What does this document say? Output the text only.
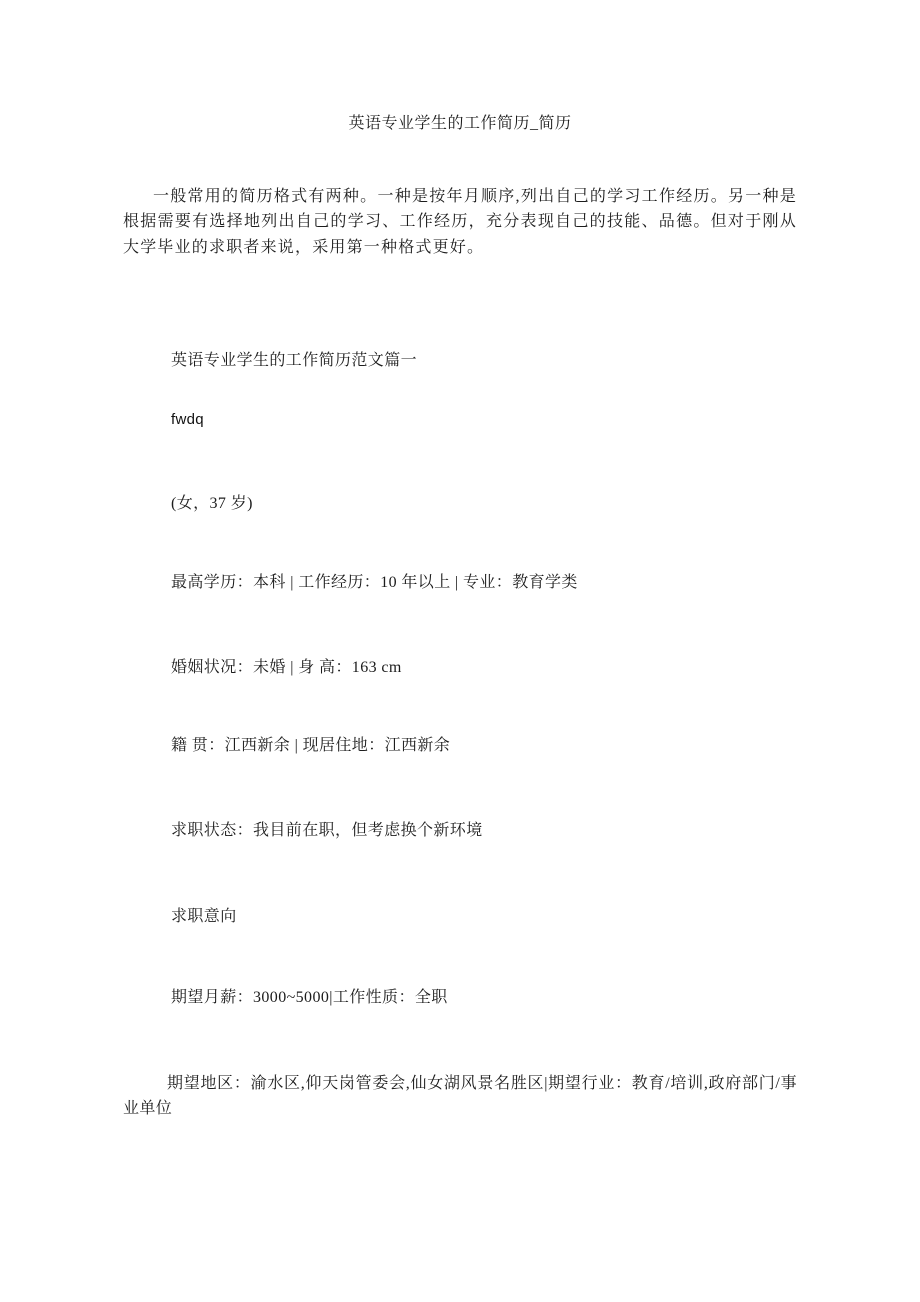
英语专业学生的工作简历_简历
一般常用的简历格式有两种。一种是按年月顺序,列出自己的学习工作经历。另一种是根据需要有选择地列出自己的学习、工作经历，充分表现自己的技能、品德。但对于刚从大学毕业的求职者来说，采用第一种格式更好。
英语专业学生的工作简历范文篇一
fwdq
(女，37 岁)
最高学历：本科 | 工作经历：10 年以上 | 专业：教育学类
婚姻状况：未婚 | 身 高：163 cm
籍 贯：江西新余 | 现居住地：江西新余
求职状态：我目前在职，但考虑换个新环境
求职意向
期望月薪：3000~5000|工作性质：全职
期望地区：渝水区,仰天岗管委会,仙女湖风景名胜区|期望行业：教育/培训,政府部门/事业单位
